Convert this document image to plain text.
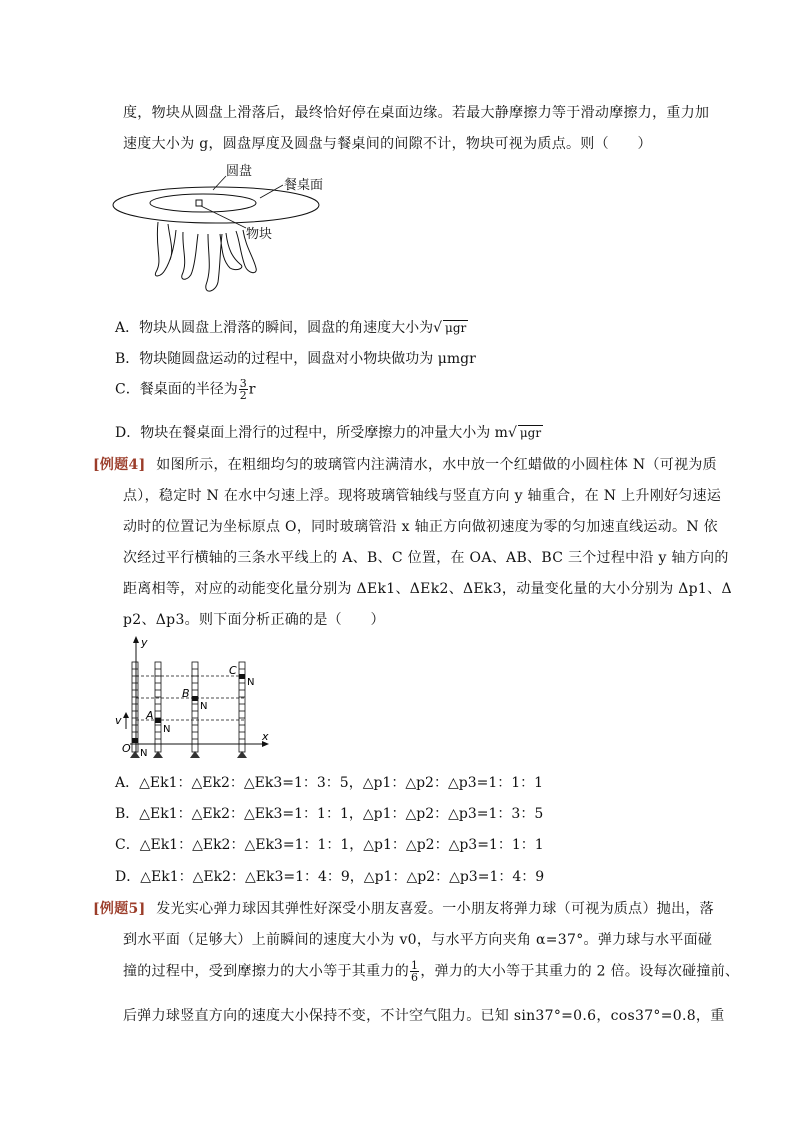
度，物块从圆盘上滑落后，最终恰好停在桌面边缘。若最大静摩擦力等于滑动摩擦力，重力加
速度大小为 g，圆盘厚度及圆盘与餐桌间的间隙不计，物块可视为质点。则（　　）
圆盘
餐桌面
物块
A．物块从圆盘上滑落的瞬间，圆盘的角速度大小为√ μgr
B．物块随圆盘运动的过程中，圆盘对小物块做功为 μmgr
C．餐桌面的半径为 $\frac{3}{2}$ r
D．物块在餐桌面上滑行的过程中，所受摩擦力的冲量大小为 m√ μgr
[例题4] 如图所示，在粗细均匀的玻璃管内注满清水，水中放一个红蜡做的小圆柱体 N（可视为质
点），稳定时 N 在水中匀速上浮。现将玻璃管轴线与竖直方向 y 轴重合，在 N 上升刚好匀速运
动时的位置记为坐标原点 O，同时玻璃管沿 x 轴正方向做初速度为零的匀加速直线运动。N 依
次经过平行横轴的三条水平线上的 A、B、C 位置，在 OA、AB、BC 三个过程中沿 y 轴方向的
距离相等，对应的动能变化量分别为 ΔEk1、ΔEk2、ΔEk3，动量变化量的大小分别为 Δp1、Δ
p2、Δp3。则下面分析正确的是（　　）
y
x
N
N
N
N
O
A
B
C
v
A．△Ek1：△Ek2：△Ek3=1：3：5，△p1：△p2：△p3=1：1：1
B．△Ek1：△Ek2：△Ek3=1：1：1，△p1：△p2：△p3=1：3：5
C．△Ek1：△Ek2：△Ek3=1：1：1，△p1：△p2：△p3=1：1：1
D．△Ek1：△Ek2：△Ek3=1：4：9，△p1：△p2：△p3=1：4：9
[例题5] 发光实心弹力球因其弹性好深受小朋友喜爱。一小朋友将弹力球（可视为质点）抛出，落
到水平面（足够大）上前瞬间的速度大小为 v0，与水平方向夹角 α=37°。弹力球与水平面碰
撞的过程中，受到摩擦力的大小等于其重力的 $\frac{1}{6}$ ，弹力的大小等于其重力的 2 倍。设每次碰撞前、
后弹力球竖直方向的速度大小保持不变，不计空气阻力。已知 sin37°=0.6，cos37°=0.8，重
